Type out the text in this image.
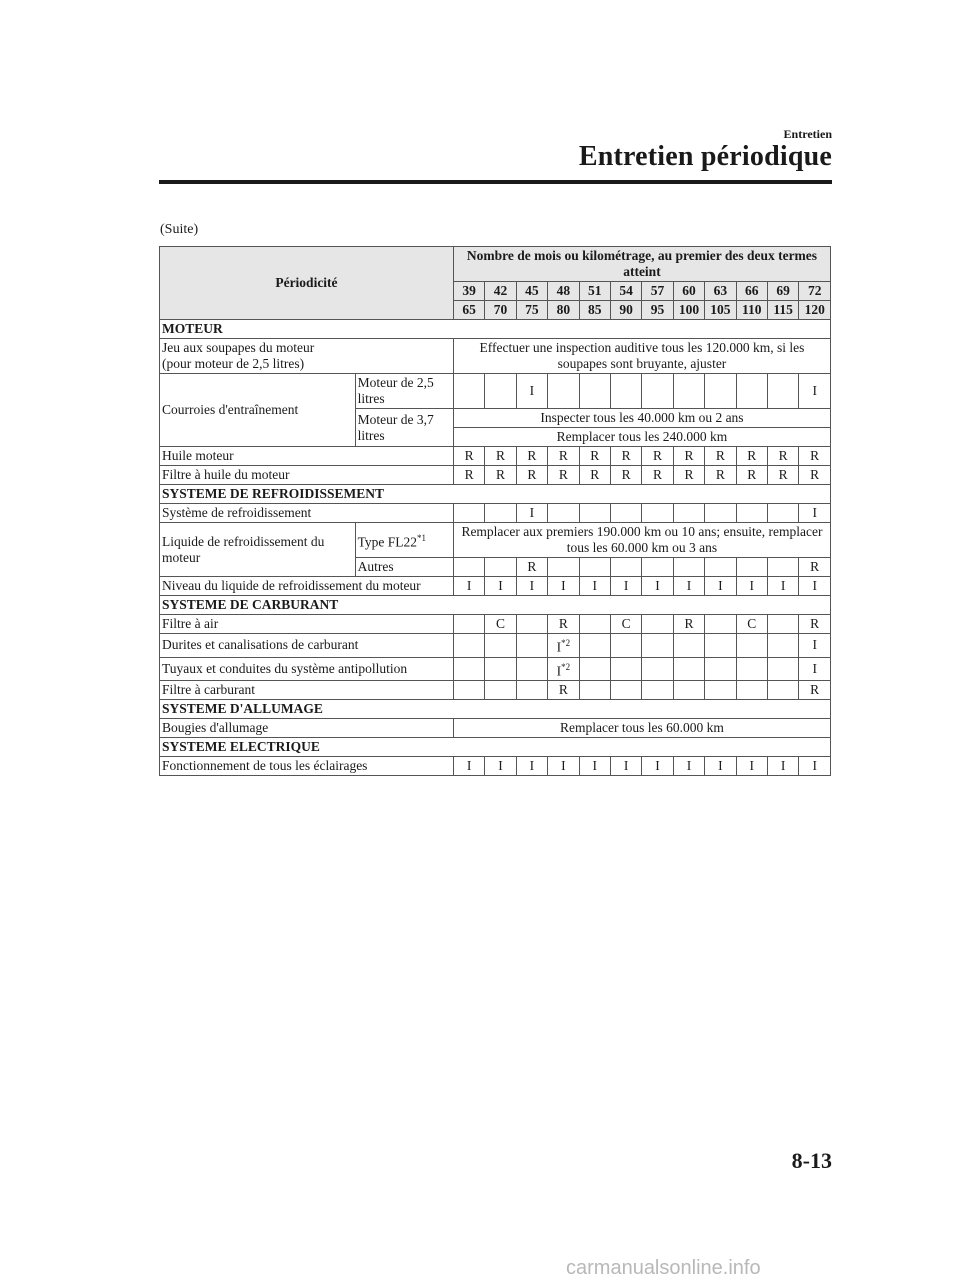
Entretien
Entretien périodique
(Suite)
Périodicité		Nombre de mois ou kilométrage, au premier des deux termes atteint											
		39	42	45	48	51	54	57	60	63	66	69	72
		65	70	75	80	85	90	95	100	105	110	115	120
MOTEUR													

Jeu aux soupapes du moteur
(pour moteur de 2,5 litres)		Effectuer une inspection auditive tous les 120.000 km, si les soupapes sont bruyante, ajuster											
Courroies d'entraînement	Moteur de 2,5 litres			I									I
	Moteur de 3,7 litres	Inspecter tous les 40.000 km ou 2 ans											
		Remplacer tous les 240.000 km											
Huile moteur		R	R	R	R	R	R	R	R	R	R	R	R
Filtre à huile du moteur		R	R	R	R	R	R	R	R	R	R	R	R
SYSTEME DE REFROIDISSEMENT													
Système de refroidissement				I									I
Liquide de refroidissement du moteur	Type FL22$^{*1}$	Remplacer aux premiers 190.000 km ou 10 ans; ensuite, remplacer tous les 60.000 km ou 3 ans											
	Autres			R									R
Niveau du liquide de refroidissement du moteur		I	I	I	I	I	I	I	I	I	I	I	I
SYSTEME DE CARBURANT													
Filtre à air			C		R		C		R		C		R
Durites et canalisations de carburant					$I^{*2}$								I
Tuyaux et conduites du système antipollution					$I^{*2}$								I
Filtre à carburant					R								R
SYSTEME D'ALLUMAGE													
Bougies d'allumage		Remplacer tous les 60.000 km											
SYSTEME ELECTRIQUE													
Fonctionnement de tous les éclairages		I	I	I	I	I	I	I	I	I	I	I	I
8-13
carmanualsonline.info
